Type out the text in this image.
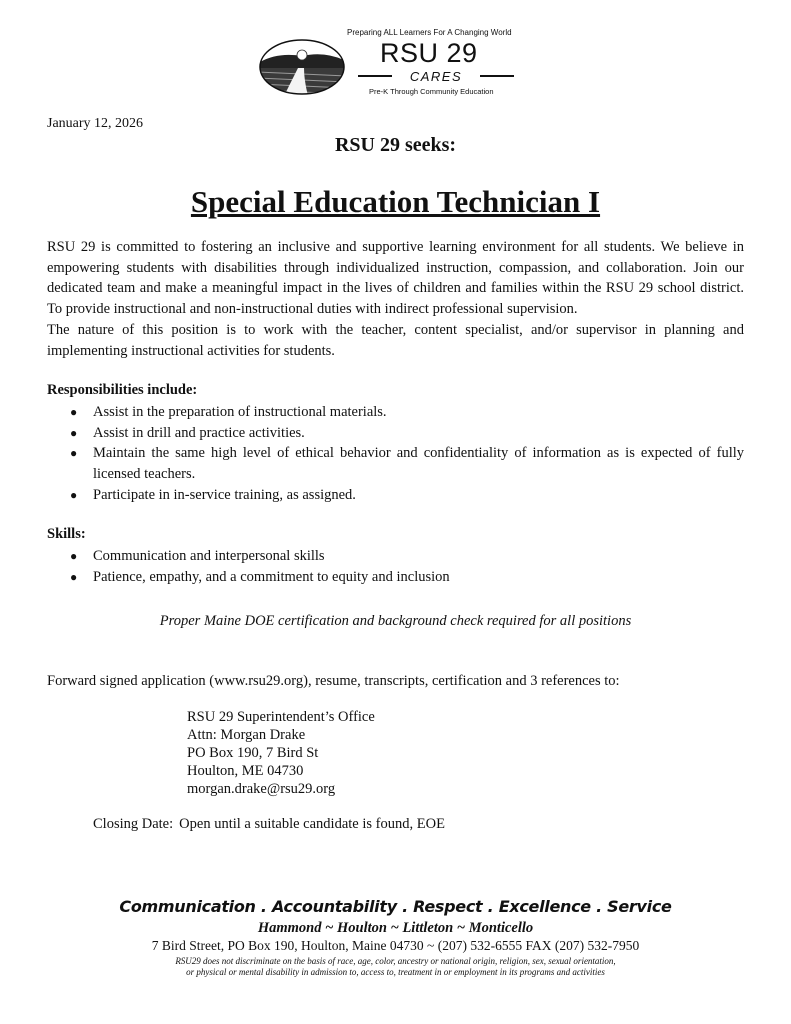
Preparing ALL Learners For A Changing World
RSU 29
CARES
Pre-K Through Community Education
January 12, 2026
RSU 29 seeks:
Special Education Technician I

RSU 29 is committed to fostering an inclusive and supportive learning environment for all students. We believe in empowering students with disabilities through individualized instruction, compassion, and collaboration. Join our dedicated team and make a meaningful impact in the lives of children and families within the RSU 29 school district. To provide instructional and non-instructional duties with indirect professional supervision.

The nature of this position is to work with the teacher, content specialist, and/or supervisor in planning and implementing instructional activities for students.

Responsibilities include:
● Assist in the preparation of instructional materials.
● Assist in drill and practice activities.
● Maintain the same high level of ethical behavior and confidentiality of information as is expected of fully licensed teachers.
● Participate in in-service training, as assigned.
Skills:
● Communication and interpersonal skills
● Patience, empathy, and a commitment to equity and inclusion
Proper Maine DOE certification and background check required for all positions
Forward signed application (www.rsu29.org), resume, transcripts, certification and 3 references to:
RSU 29 Superintendent’s Office
Attn: Morgan Drake
PO Box 190, 7 Bird St
Houlton, ME 04730
morgan.drake@rsu29.org
Closing Date: Open until a suitable candidate is found, EOE
Communication . Accountability . Respect . Excellence . Service
Hammond ~ Houlton ~ Littleton ~ Monticello
7 Bird Street, PO Box 190, Houlton, Maine 04730 ~ (207) 532-6555 FAX (207) 532-7950
RSU29 does not discriminate on the basis of race, age, color, ancestry or national origin, religion, sex, sexual orientation,
or physical or mental disability in admission to, access to, treatment in or employment in its programs and activities
